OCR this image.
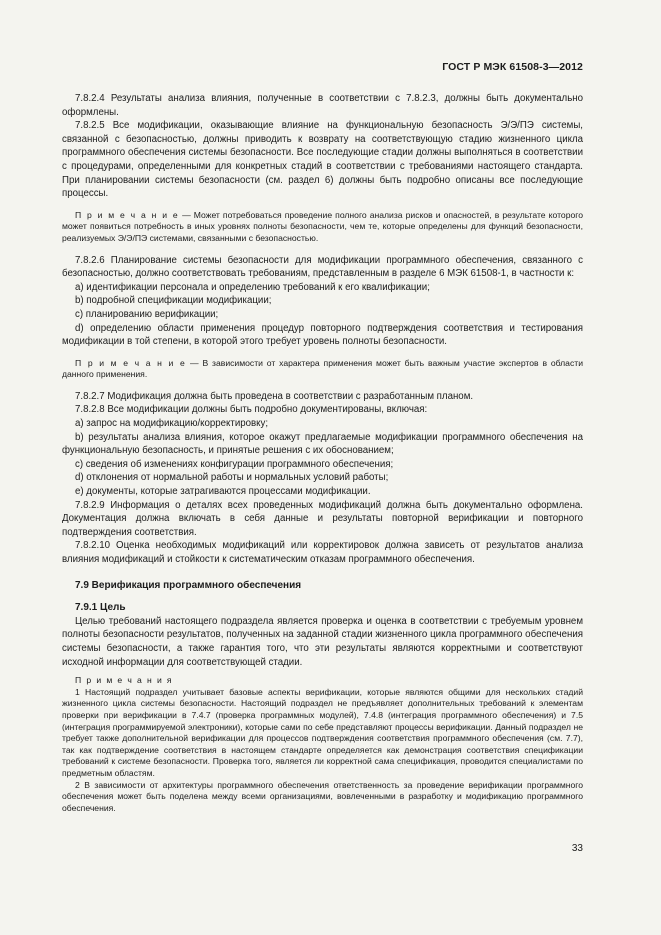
ГОСТ Р МЭК 61508-3—2012

7.8.2.4 Результаты анализа влияния, полученные в соответствии с 7.8.2.3, должны быть документально оформлены.

7.8.2.5 Все модификации, оказывающие влияние на функциональную безопасность Э/Э/ПЭ системы, связанной с безопасностью, должны приводить к возврату на соответствующую стадию жизненного цикла программного обеспечения системы безопасности. Все последующие стадии должны выполняться в соответствии с процедурами, определенными для конкретных стадий в соответствии с требованиями настоящего стандарта. При планировании системы безопасности (см. раздел 6) должны быть подробно описаны все последующие процессы.

П р и м е ч а н и е — Может потребоваться проведение полного анализа рисков и опасностей, в результате которого может появиться потребность в иных уровнях полноты безопасности, чем те, которые определены для функций безопасности, реализуемых Э/Э/ПЭ системами, связанными с безопасностью.

7.8.2.6 Планирование системы безопасности для модификации программного обеспечения, связанного с безопасностью, должно соответствовать требованиям, представленным в разделе 6 МЭК 61508-1, в частности к:

a) идентификации персонала и определению требований к его квалификации;

b) подробной спецификации модификации;

c) планированию верификации;

d) определению области применения процедур повторного подтверждения соответствия и тестирования модификации в той степени, в которой этого требует уровень полноты безопасности.

П р и м е ч а н и е — В зависимости от характера применения может быть важным участие экспертов в области данного применения.

7.8.2.7 Модификация должна быть проведена в соответствии с разработанным планом.

7.8.2.8 Все модификации должны быть подробно документированы, включая:

a) запрос на модификацию/корректировку;

b) результаты анализа влияния, которое окажут предлагаемые модификации программного обеспечения на функциональную безопасность, и принятые решения с их обоснованием;

c) сведения об изменениях конфигурации программного обеспечения;

d) отклонения от нормальной работы и нормальных условий работы;

e) документы, которые затрагиваются процессами модификации.

7.8.2.9 Информация о деталях всех проведенных модификаций должна быть документально оформлена. Документация должна включать в себя данные и результаты повторной верификации и повторного подтверждения соответствия.

7.8.2.10 Оценка необходимых модификаций или корректировок должна зависеть от результатов анализа влияния модификаций и стойкости к систематическим отказам программного обеспечения.

7.9 Верификация программного обеспечения

7.9.1 Цель

Целью требований настоящего подраздела является проверка и оценка в соответствии с требуемым уровнем полноты безопасности результатов, полученных на заданной стадии жизненного цикла программного обеспечения системы безопасности, а также гарантия того, что эти результаты являются корректными и соответствуют исходной информации для соответствующей стадии.

П р и м е ч а н и я

1 Настоящий подраздел учитывает базовые аспекты верификации, которые являются общими для нескольких стадий жизненного цикла системы безопасности. Настоящий подраздел не предъявляет дополнительных требований к элементам проверки при верификации в 7.4.7 (проверка программных модулей), 7.4.8 (интеграция программного обеспечения) и 7.5 (интеграция программируемой электроники), которые сами по себе представляют процессы верификации. Данный подраздел не требует также дополнительной верификации для процессов подтверждения соответствия программного обеспечения (см. 7.7), так как подтверждение соответствия в настоящем стандарте определяется как демонстрация соответствия спецификации требований к системе безопасности. Проверка того, является ли корректной сама спецификация, проводится специалистами по предметным областям.

2 В зависимости от архитектуры программного обеспечения ответственность за проведение верификации программного обеспечения может быть поделена между всеми организациями, вовлеченными в разработку и модификацию программного обеспечения.

33
